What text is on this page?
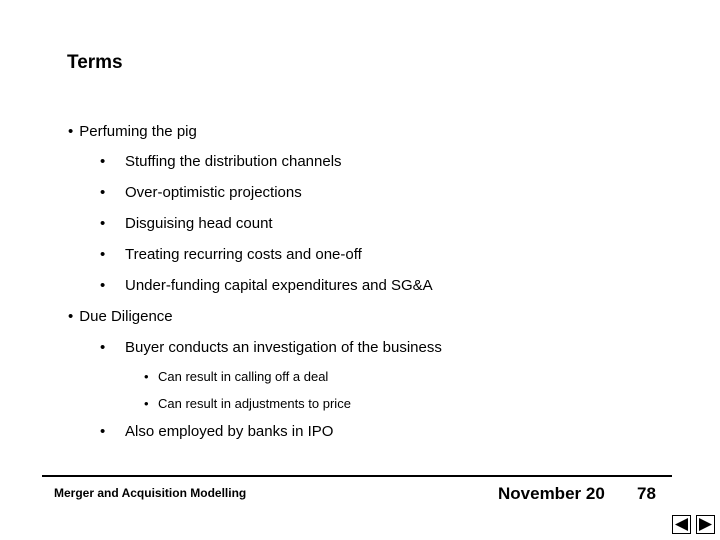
Terms
• Perfuming the pig
• Stuffing the distribution channels
• Over-optimistic projections
• Disguising head count
• Treating recurring costs and one-off
• Under-funding capital expenditures and SG&A
• Due Diligence
• Buyer conducts an investigation of the business
• Can result in calling off a deal
• Can result in adjustments to price
• Also employed by banks in IPO
Merger and Acquisition Modelling	November 20 78
